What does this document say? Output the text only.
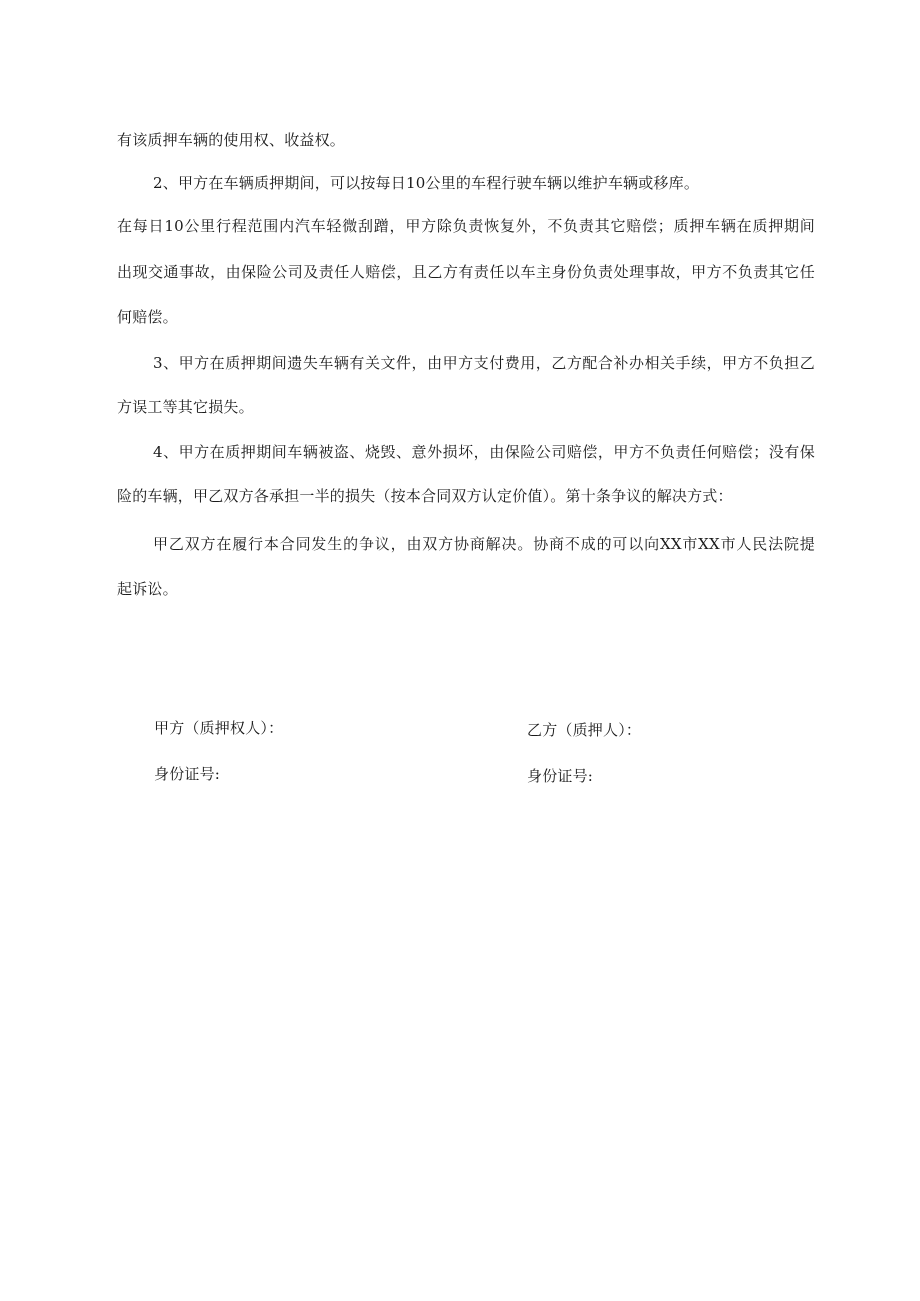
有该质押车辆的使用权、收益权。
2、甲方在车辆质押期间，可以按每日10公里的车程行驶车辆以维护车辆或移库。
在每日10公里行程范围内汽车轻微刮蹭，甲方除负责恢复外，不负责其它赔偿；质押车辆在质押期间
出现交通事故，由保险公司及责任人赔偿，且乙方有责任以车主身份负责处理事故，甲方不负责其它任
何赔偿。
3、甲方在质押期间遗失车辆有关文件，由甲方支付费用，乙方配合补办相关手续，甲方不负担乙
方误工等其它损失。
4、甲方在质押期间车辆被盗、烧毁、意外损坏，由保险公司赔偿，甲方不负责任何赔偿；没有保
险的车辆，甲乙双方各承担一半的损失（按本合同双方认定价值）。第十条争议的解决方式：
甲乙双方在履行本合同发生的争议，由双方协商解决。协商不成的可以向XX市XX市人民法院提
起诉讼。
甲方（质押权人）：	乙方（质押人）：
身份证号:	身份证号:
